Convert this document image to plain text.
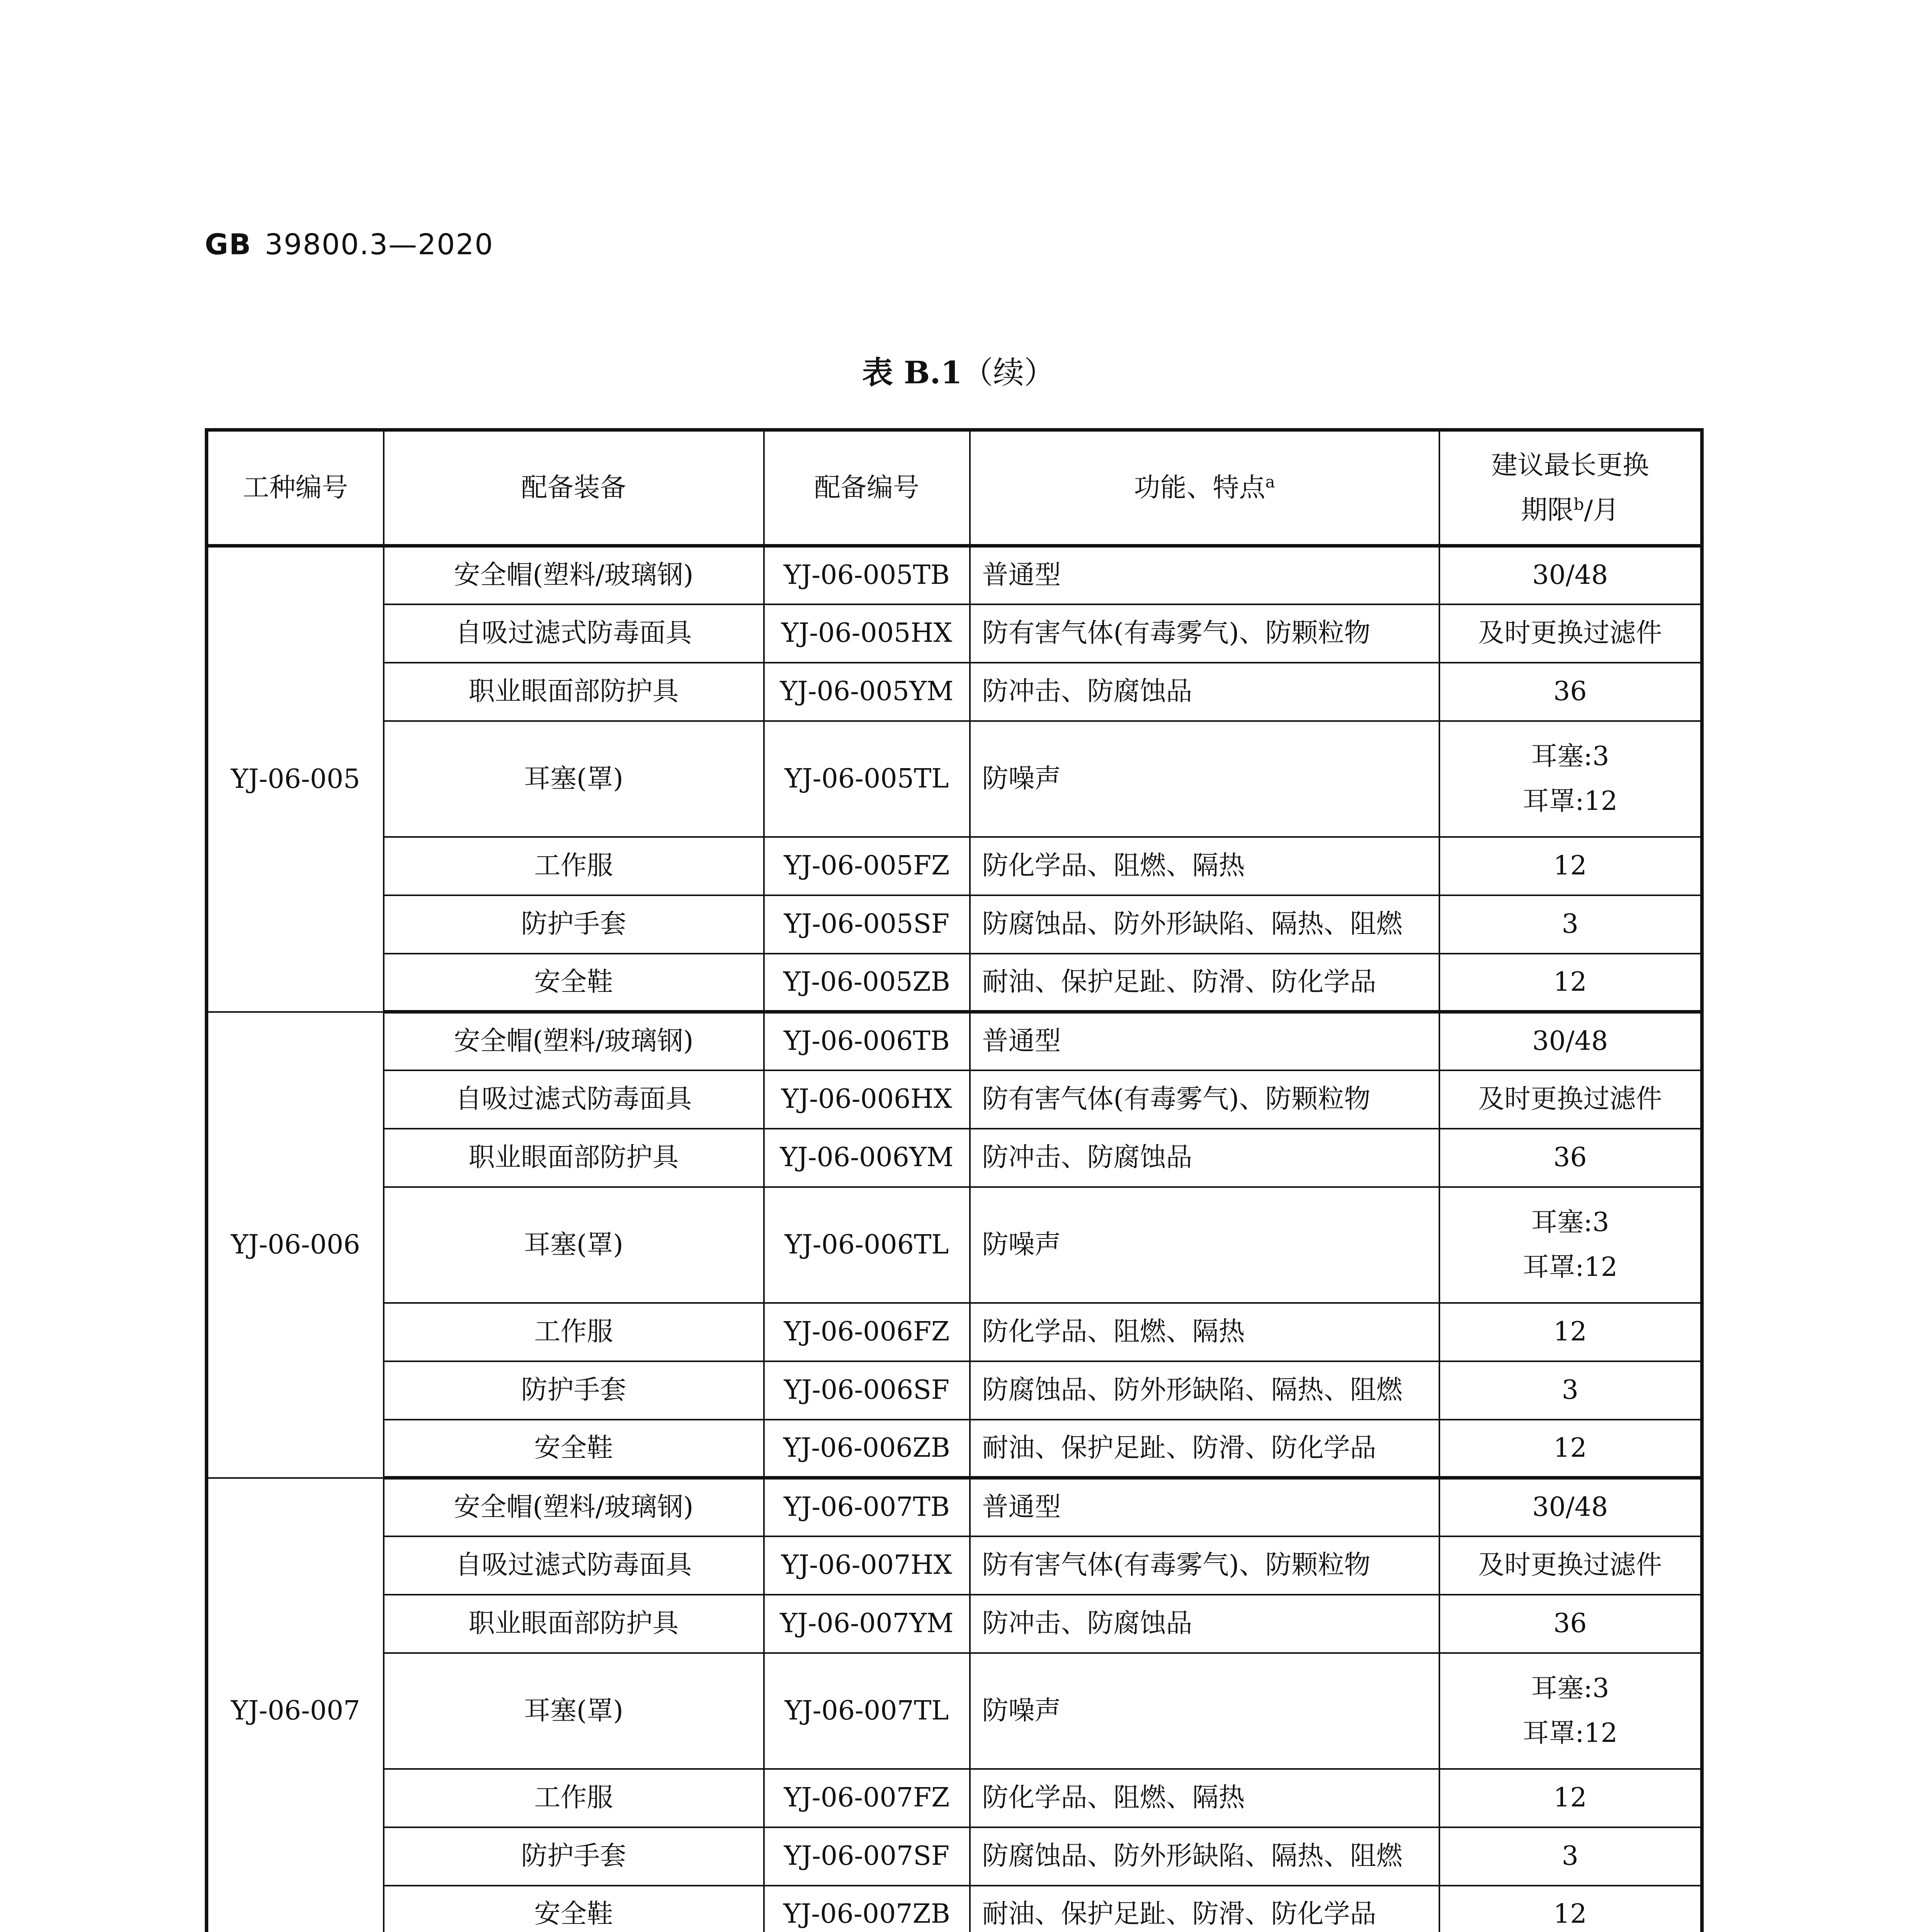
GB 39800.3—2020
表 B.1（续）
工种编号	配备装备	配备编号	功能、特点$^a$	建议最长更换
期限$^b$/月

YJ-06-005	安全帽(塑料/玻璃钢)	YJ-06-005TB	普通型	30/48
	自吸过滤式防毒面具	YJ-06-005HX	防有害气体(有毒雾气)、防颗粒物	及时更换过滤件
	职业眼面部防护具	YJ-06-005YM	防冲击、防腐蚀品	36
	耳塞(罩)	YJ-06-005TL	防噪声	耳塞:3
耳罩:12

	工作服	YJ-06-005FZ	防化学品、阻燃、隔热	12
	防护手套	YJ-06-005SF	防腐蚀品、防外形缺陷、隔热、阻燃	3
	安全鞋	YJ-06-005ZB	耐油、保护足趾、防滑、防化学品	12
YJ-06-006	安全帽(塑料/玻璃钢)	YJ-06-006TB	普通型	30/48
	自吸过滤式防毒面具	YJ-06-006HX	防有害气体(有毒雾气)、防颗粒物	及时更换过滤件
	职业眼面部防护具	YJ-06-006YM	防冲击、防腐蚀品	36
	耳塞(罩)	YJ-06-006TL	防噪声	耳塞:3
耳罩:12

	工作服	YJ-06-006FZ	防化学品、阻燃、隔热	12
	防护手套	YJ-06-006SF	防腐蚀品、防外形缺陷、隔热、阻燃	3
	安全鞋	YJ-06-006ZB	耐油、保护足趾、防滑、防化学品	12
YJ-06-007	安全帽(塑料/玻璃钢)	YJ-06-007TB	普通型	30/48
	自吸过滤式防毒面具	YJ-06-007HX	防有害气体(有毒雾气)、防颗粒物	及时更换过滤件
	职业眼面部防护具	YJ-06-007YM	防冲击、防腐蚀品	36
	耳塞(罩)	YJ-06-007TL	防噪声	耳塞:3
耳罩:12

	工作服	YJ-06-007FZ	防化学品、阻燃、隔热	12
	防护手套	YJ-06-007SF	防腐蚀品、防外形缺陷、隔热、阻燃	3
	安全鞋	YJ-06-007ZB	耐油、保护足趾、防滑、防化学品	12
